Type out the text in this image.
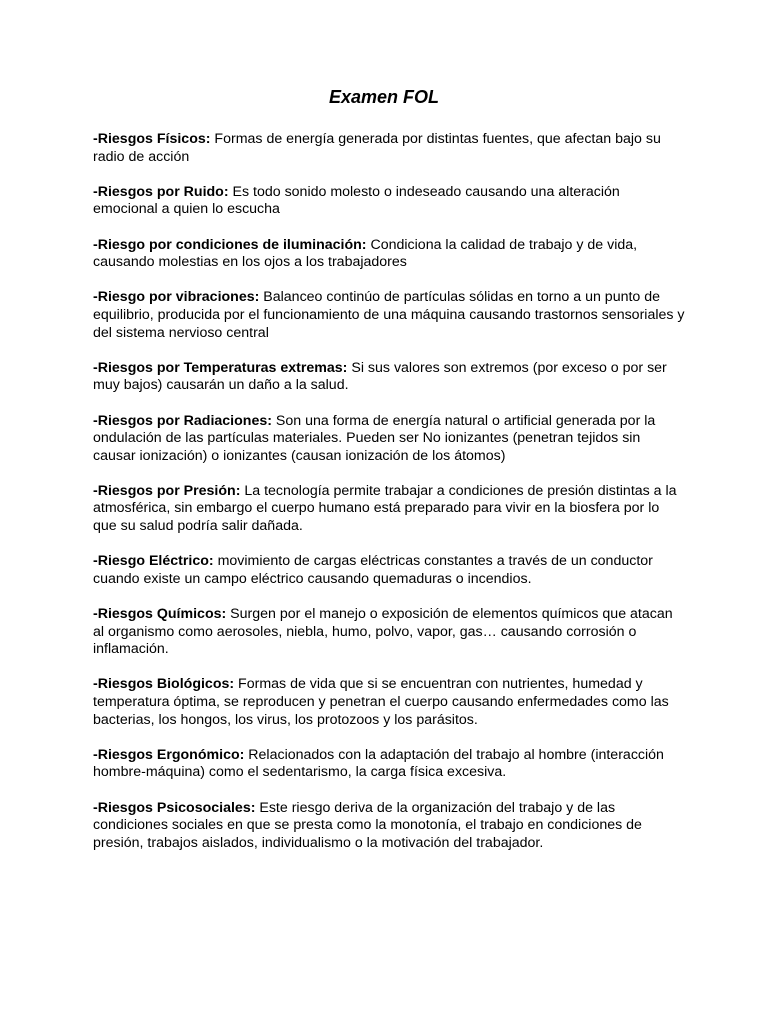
Examen FOL

-Riesgos Físicos: Formas de energía generada por distintas fuentes, que afectan bajo su radio de acción

-Riesgos por Ruido: Es todo sonido molesto o indeseado causando una alteración emocional a quien lo escucha

-Riesgo por condiciones de iluminación: Condiciona la calidad de trabajo y de vida, causando molestias en los ojos a los trabajadores

-Riesgo por vibraciones: Balanceo continúo de partículas sólidas en torno a un punto de equilibrio, producida por el funcionamiento de una máquina causando trastornos sensoriales y del sistema nervioso central

-Riesgos por Temperaturas extremas: Si sus valores son extremos (por exceso o por ser muy bajos) causarán un daño a la salud.

-Riesgos por Radiaciones: Son una forma de energía natural o artificial generada por la ondulación de las partículas materiales. Pueden ser No ionizantes (penetran tejidos sin causar ionización) o ionizantes (causan ionización de los átomos)

-Riesgos por Presión: La tecnología permite trabajar a condiciones de presión distintas a la atmosférica, sin embargo el cuerpo humano está preparado para vivir en la biosfera por lo que su salud podría salir dañada.

-Riesgo Eléctrico: movimiento de cargas eléctricas constantes a través de un conductor cuando existe un campo eléctrico causando quemaduras o incendios.

-Riesgos Químicos: Surgen por el manejo o exposición de elementos químicos que atacan al organismo como aerosoles, niebla, humo, polvo, vapor, gas… causando corrosión o inflamación.

-Riesgos Biológicos: Formas de vida que si se encuentran con nutrientes, humedad y temperatura óptima, se reproducen y penetran el cuerpo causando enfermedades como las bacterias, los hongos, los virus, los protozoos y los parásitos.

-Riesgos Ergonómico: Relacionados con la adaptación del trabajo al hombre (interacción hombre-máquina) como el sedentarismo, la carga física excesiva.

-Riesgos Psicosociales: Este riesgo deriva de la organización del trabajo y de las condiciones sociales en que se presta como la monotonía, el trabajo en condiciones de presión, trabajos aislados, individualismo o la motivación del trabajador.
